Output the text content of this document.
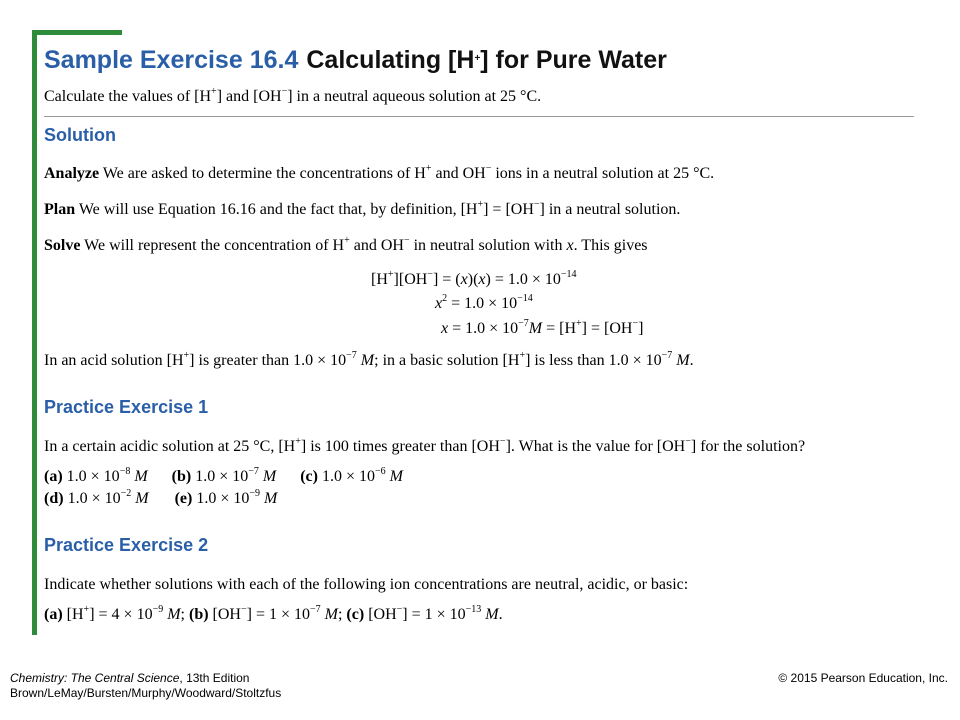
Sample Exercise 16.4 Calculating [H+] for Pure Water
Calculate the values of [H+] and [OH−] in a neutral aqueous solution at 25 °C.
Solution
Analyze We are asked to determine the concentrations of H+ and OH− ions in a neutral solution at 25 °C.
Plan We will use Equation 16.16 and the fact that, by definition, [H+] = [OH−] in a neutral solution.
Solve We will represent the concentration of H+ and OH− in neutral solution with x. This gives
$[H^+][OH^-] = (x)(x) = 1.0 \times 10^{-14}$
$x^2 = 1.0 \times 10^{-14}$
$x = 1.0 \times 10^{-7}M = [H^+] = [OH^-]$
In an acid solution [H+] is greater than $1.0 \times 10^{-7}$ M; in a basic solution [H+] is less than $1.0 \times 10^{-7}$ M.
Practice Exercise 1
In a certain acidic solution at 25 °C, [H+] is 100 times greater than [OH−]. What is the value for [OH−] for the solution?
(a) $1.0 \times 10^{-8}$ M (b) $1.0 \times 10^{-7}$ M (c) $1.0 \times 10^{-6}$ M
(d) $1.0 \times 10^{-2}$ M (e) $1.0 \times 10^{-9}$ M
Practice Exercise 2
Indicate whether solutions with each of the following ion concentrations are neutral, acidic, or basic:
(a) $[H^+] = 4 \times 10^{-9}$ M; (b) $[OH^-] = 1 \times 10^{-7}$ M; (c) $[OH^-] = 1 \times 10^{-13}$ M.
Chemistry: The Central Science, 13th Edition
Brown/LeMay/Bursten/Murphy/Woodward/Stoltzfus
© 2015 Pearson Education, Inc.
